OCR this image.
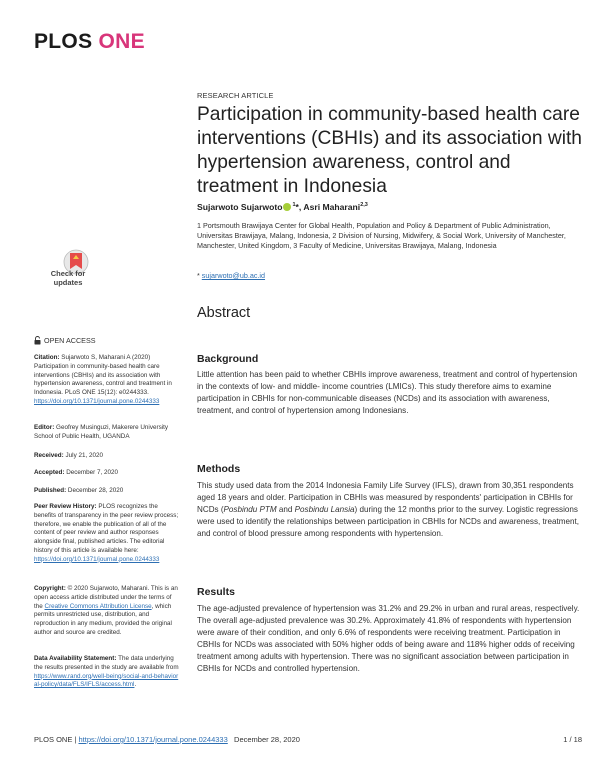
PLOS ONE
Check for
updates
OPEN ACCESS
Citation: Sujarwoto S, Maharani A (2020) Participation in community-based health care interventions (CBHIs) and its association with hypertension awareness, control and treatment in Indonesia. PLoS ONE 15(12): e0244333. https://doi.org/10.1371/journal.pone.0244333
Editor: Geofrey Musinguzi, Makerere University School of Public Health, UGANDA
Received: July 21, 2020
Accepted: December 7, 2020
Published: December 28, 2020
Peer Review History: PLOS recognizes the benefits of transparency in the peer review process; therefore, we enable the publication of all of the content of peer review and author responses alongside final, published articles. The editorial history of this article is available here: https://doi.org/10.1371/journal.pone.0244333
Copyright: © 2020 Sujarwoto, Maharani. This is an open access article distributed under the terms of the Creative Commons Attribution License, which permits unrestricted use, distribution, and reproduction in any medium, provided the original author and source are credited.
Data Availability Statement: The data underlying the results presented in the study are available from https://www.rand.org/well-being/social-and-behavioral-policy/data/FLS/IFLS/access.html.
RESEARCH ARTICLE
Participation in community-based health care interventions (CBHIs) and its association with hypertension awareness, control and treatment in Indonesia
Sujarwoto Sujarwoto $^1$*, Asri Maharani$^{2,3}$
1 Portsmouth Brawijaya Center for Global Health, Population and Policy & Department of Public Administration, Universitas Brawijaya, Malang, Indonesia, 2 Division of Nursing, Midwifery, & Social Work, University of Manchester, Manchester, United Kingdom, 3 Faculty of Medicine, Universitas Brawijaya, Malang, Indonesia
* sujarwoto@ub.ac.id
Abstract
Background

Little attention has been paid to whether CBHIs improve awareness, treatment and control of hypertension in the contexts of low- and middle- income countries (LMICs). This study therefore aims to examine participation in CBHIs for non-communicable diseases (NCDs) and its association with awareness, treatment, and control of hypertension among Indonesians.

Methods

This study used data from the 2014 Indonesia Family Life Survey (IFLS), drawn from 30,351 respondents aged 18 years and older. Participation in CBHIs was measured by respondents' participation in CBHIs for NCDs (Posbindu PTM and Posbindu Lansia) during the 12 months prior to the survey. Logistic regressions were used to identify the relationships between participation in CBHIs for NCDs and awareness, treatment, and control of blood pressure among respondents with hypertension.

Results

The age-adjusted prevalence of hypertension was 31.2% and 29.2% in urban and rural areas, respectively. The overall age-adjusted prevalence was 30.2%. Approximately 41.8% of respondents with hypertension were aware of their condition, and only 6.6% of respondents were receiving treatment. Participation in CBHIs for NCDs was associated with 50% higher odds of being aware and 118% higher odds of receiving treatment among adults with hypertension. There was no significant association between participation in CBHIs for NCDs and controlled hypertension.

PLOS ONE | https://doi.org/10.1371/journal.pone.0244333 December 28, 2020	1 / 18
